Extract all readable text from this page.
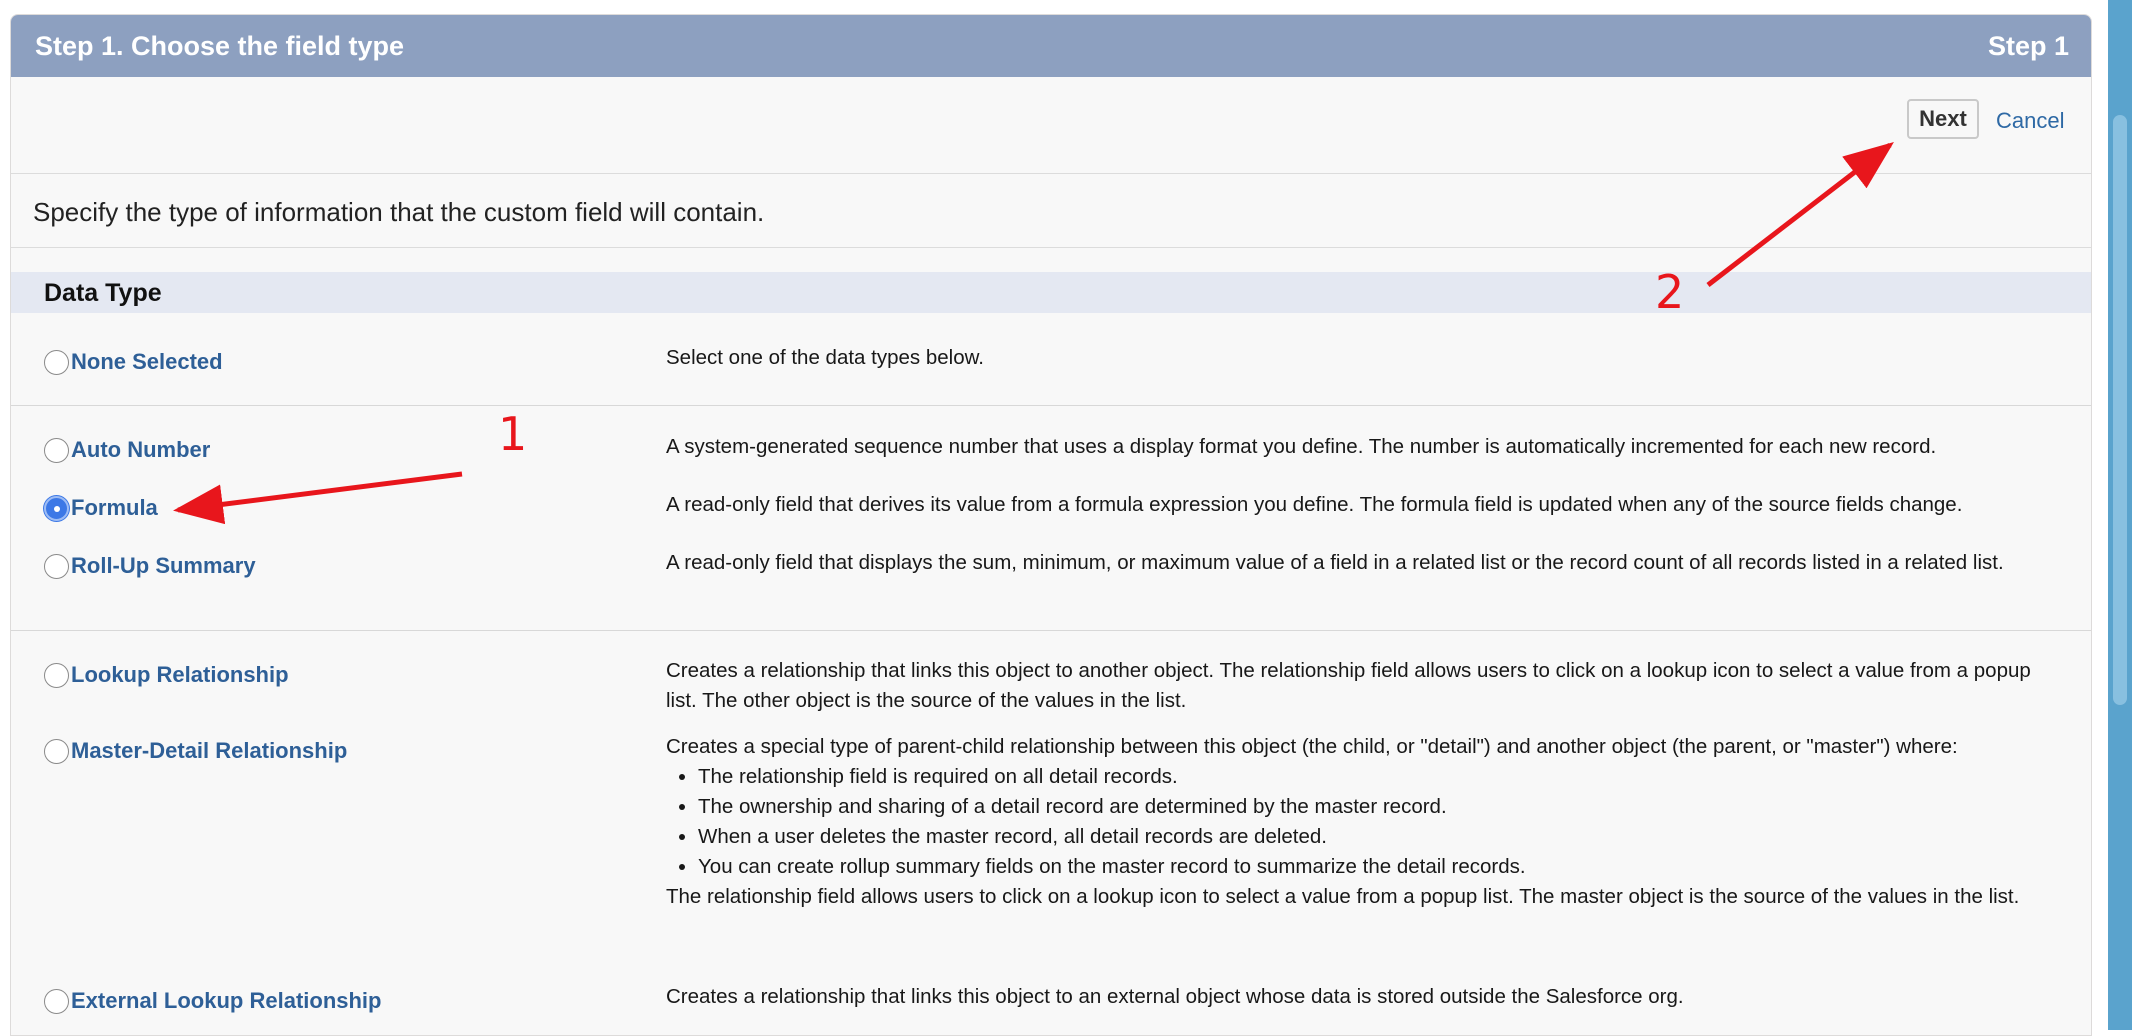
Step 1. Choose the field type	Step 1
Next	Cancel
Specify the type of information that the custom field will contain.
Data Type
None Selected	Select one of the data types below.
Auto Number	A system-generated sequence number that uses a display format you define. The number is automatically incremented for each new record.
Formula	A read-only field that derives its value from a formula expression you define. The formula field is updated when any of the source fields change.
Roll-Up Summary	A read-only field that displays the sum, minimum, or maximum value of a field in a related list or the record count of all records listed in a related list.
Lookup Relationship	Creates a relationship that links this object to another object. The relationship field allows users to click on a lookup icon to select a value from a popup list. The other object is the source of the values in the list.
Master-Detail Relationship	Creates a special type of parent-child relationship between this object (the child, or "detail") and another object (the parent, or "master") where:
• The relationship field is required on all detail records.
• The ownership and sharing of a detail record are determined by the master record.
• When a user deletes the master record, all detail records are deleted.
• You can create rollup summary fields on the master record to summarize the detail records.
The relationship field allows users to click on a lookup icon to select a value from a popup list. The master object is the source of the values in the list.
External Lookup Relationship	Creates a relationship that links this object to an external object whose data is stored outside the Salesforce org.
1
2
